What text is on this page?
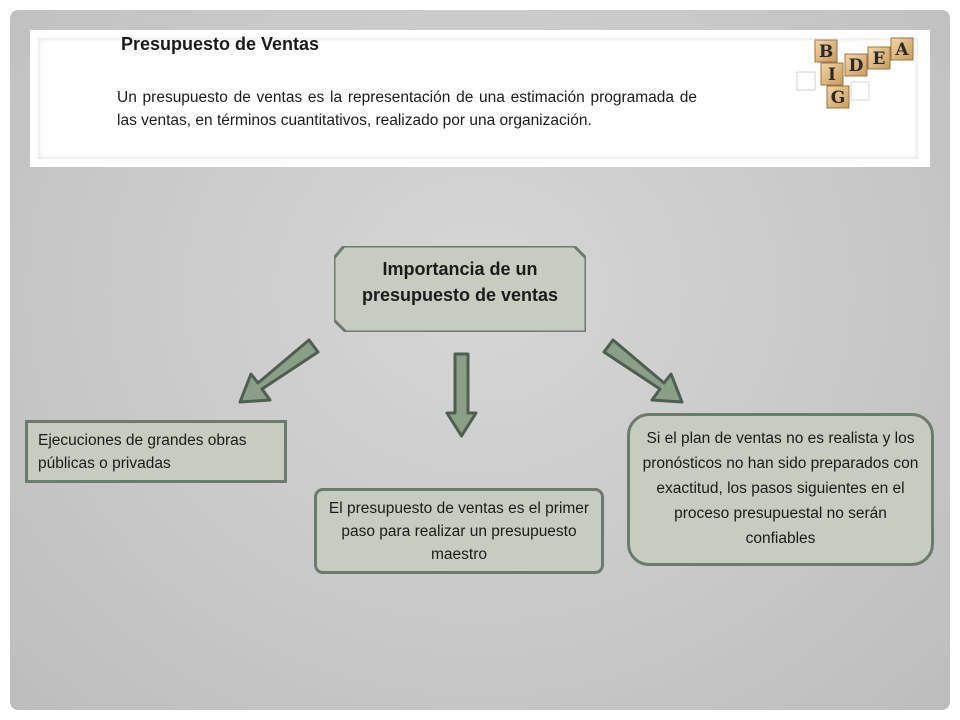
Presupuesto de Ventas
Un presupuesto de ventas es la representación de una estimación programada de las ventas, en términos cuantitativos, realizado por una organización.
B
I D E A
G
Importancia de un presupuesto de ventas
Ejecuciones de grandes obras públicas o privadas
El presupuesto de ventas es el primer paso para realizar un presupuesto maestro
Si el plan de ventas no es realista y los pronósticos no han sido preparados con exactitud, los pasos siguientes en el proceso presupuestal no serán confiables
